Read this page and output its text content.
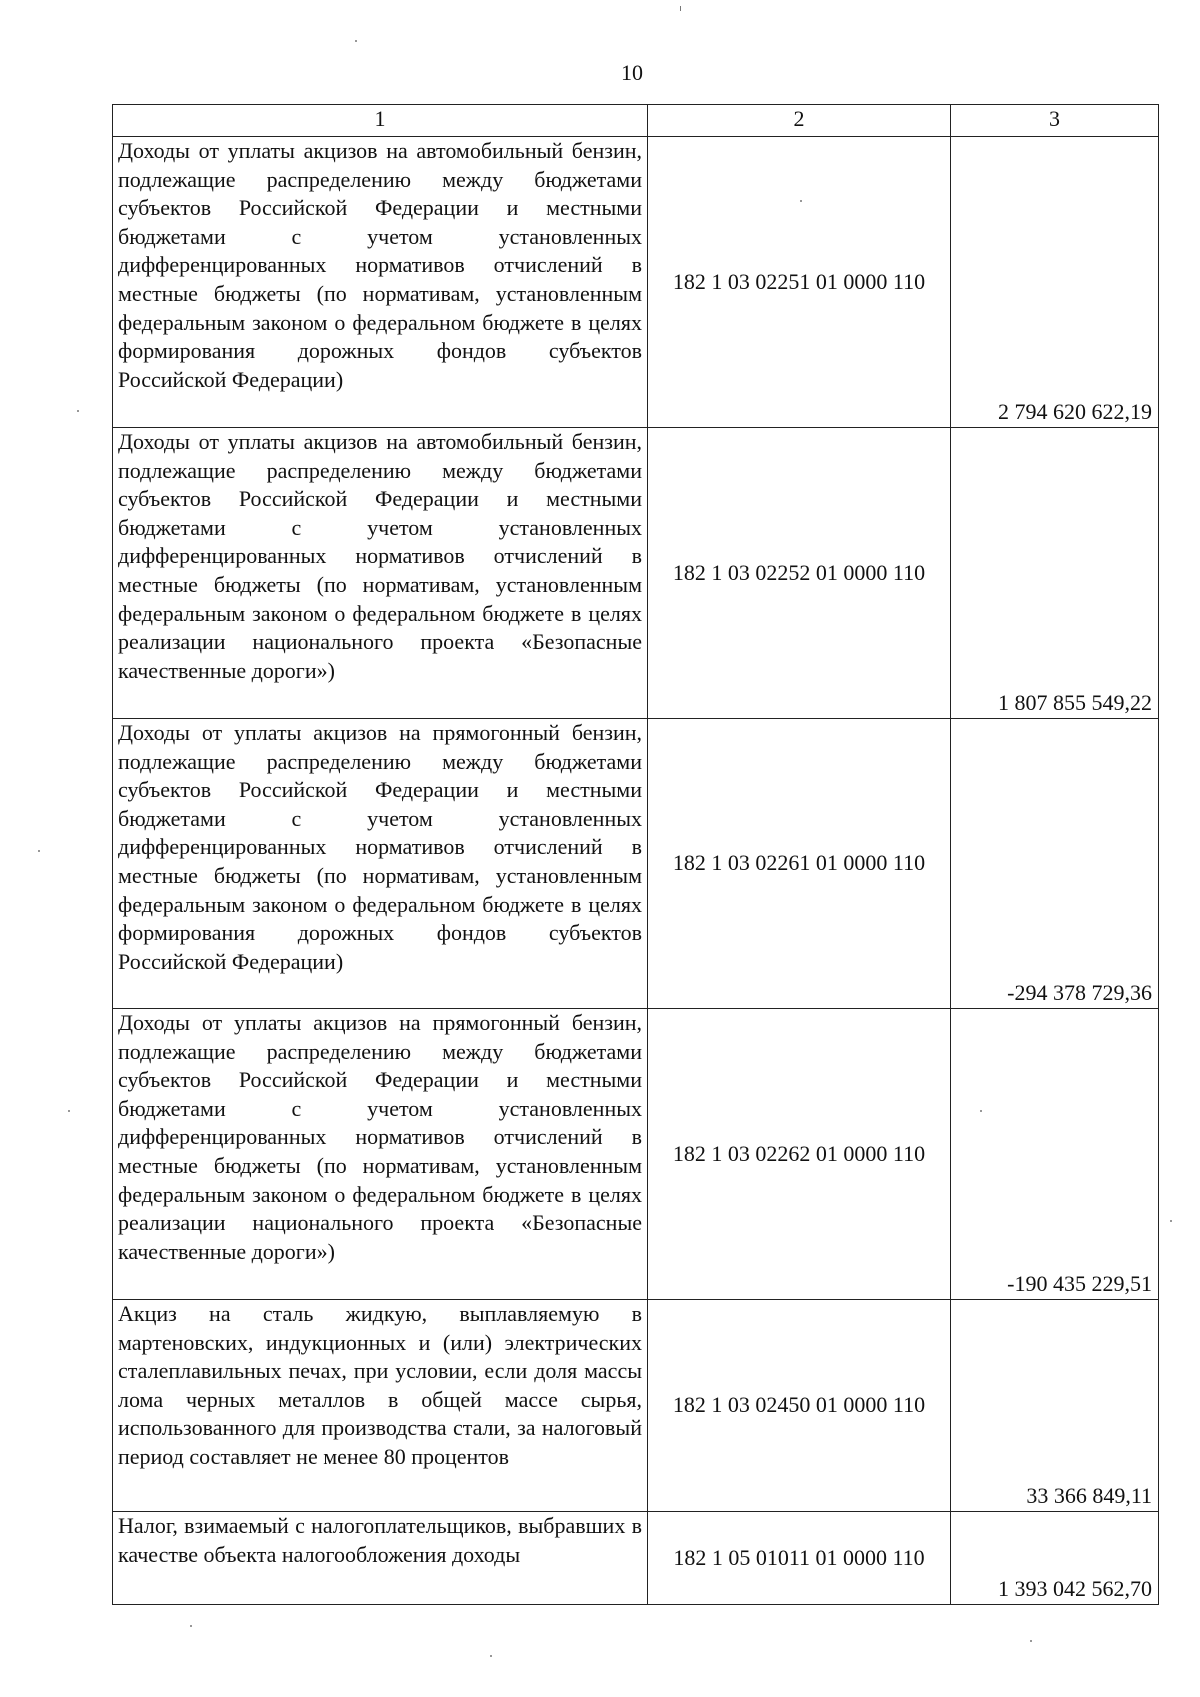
10
1	2	3
Доходы от уплаты акцизов на автомобильный бензин, подлежащие распределению между бюджетами субъектов Российской Федерации и местными бюджетами с учетом установленных дифференцированных нормативов отчислений в местные бюджеты (по нормативам, установленным федеральным законом о федеральном бюджете в целях формирования дорожных фондов субъектов Российской Федерации)	182 1 03 02251 01 0000 110	2 794 620 622,19
Доходы от уплаты акцизов на автомобильный бензин, подлежащие распределению между бюджетами субъектов Российской Федерации и местными бюджетами с учетом установленных дифференцированных нормативов отчислений в местные бюджеты (по нормативам, установленным федеральным законом о федеральном бюджете в целях реализации национального проекта «Безопасные качественные дороги»)	182 1 03 02252 01 0000 110	1 807 855 549,22
Доходы от уплаты акцизов на прямогонный бензин, подлежащие распределению между бюджетами субъектов Российской Федерации и местными бюджетами с учетом установленных дифференцированных нормативов отчислений в местные бюджеты (по нормативам, установленным федеральным законом о федеральном бюджете в целях формирования дорожных фондов субъектов Российской Федерации)	182 1 03 02261 01 0000 110	-294 378 729,36
Доходы от уплаты акцизов на прямогонный бензин, подлежащие распределению между бюджетами субъектов Российской Федерации и местными бюджетами с учетом установленных дифференцированных нормативов отчислений в местные бюджеты (по нормативам, установленным федеральным законом о федеральном бюджете в целях реализации национального проекта «Безопасные качественные дороги»)	182 1 03 02262 01 0000 110	-190 435 229,51
Акциз на сталь жидкую, выплавляемую в мартеновских, индукционных и (или) электрических сталеплавильных печах, при условии, если доля массы лома черных металлов в общей массе сырья, использованного для производства стали, за налоговый период составляет не менее 80 процентов	182 1 03 02450 01 0000 110	33 366 849,11
Налог, взимаемый с налогоплательщиков, выбравших в качестве объекта налогообложения доходы	182 1 05 01011 01 0000 110	1 393 042 562,70
